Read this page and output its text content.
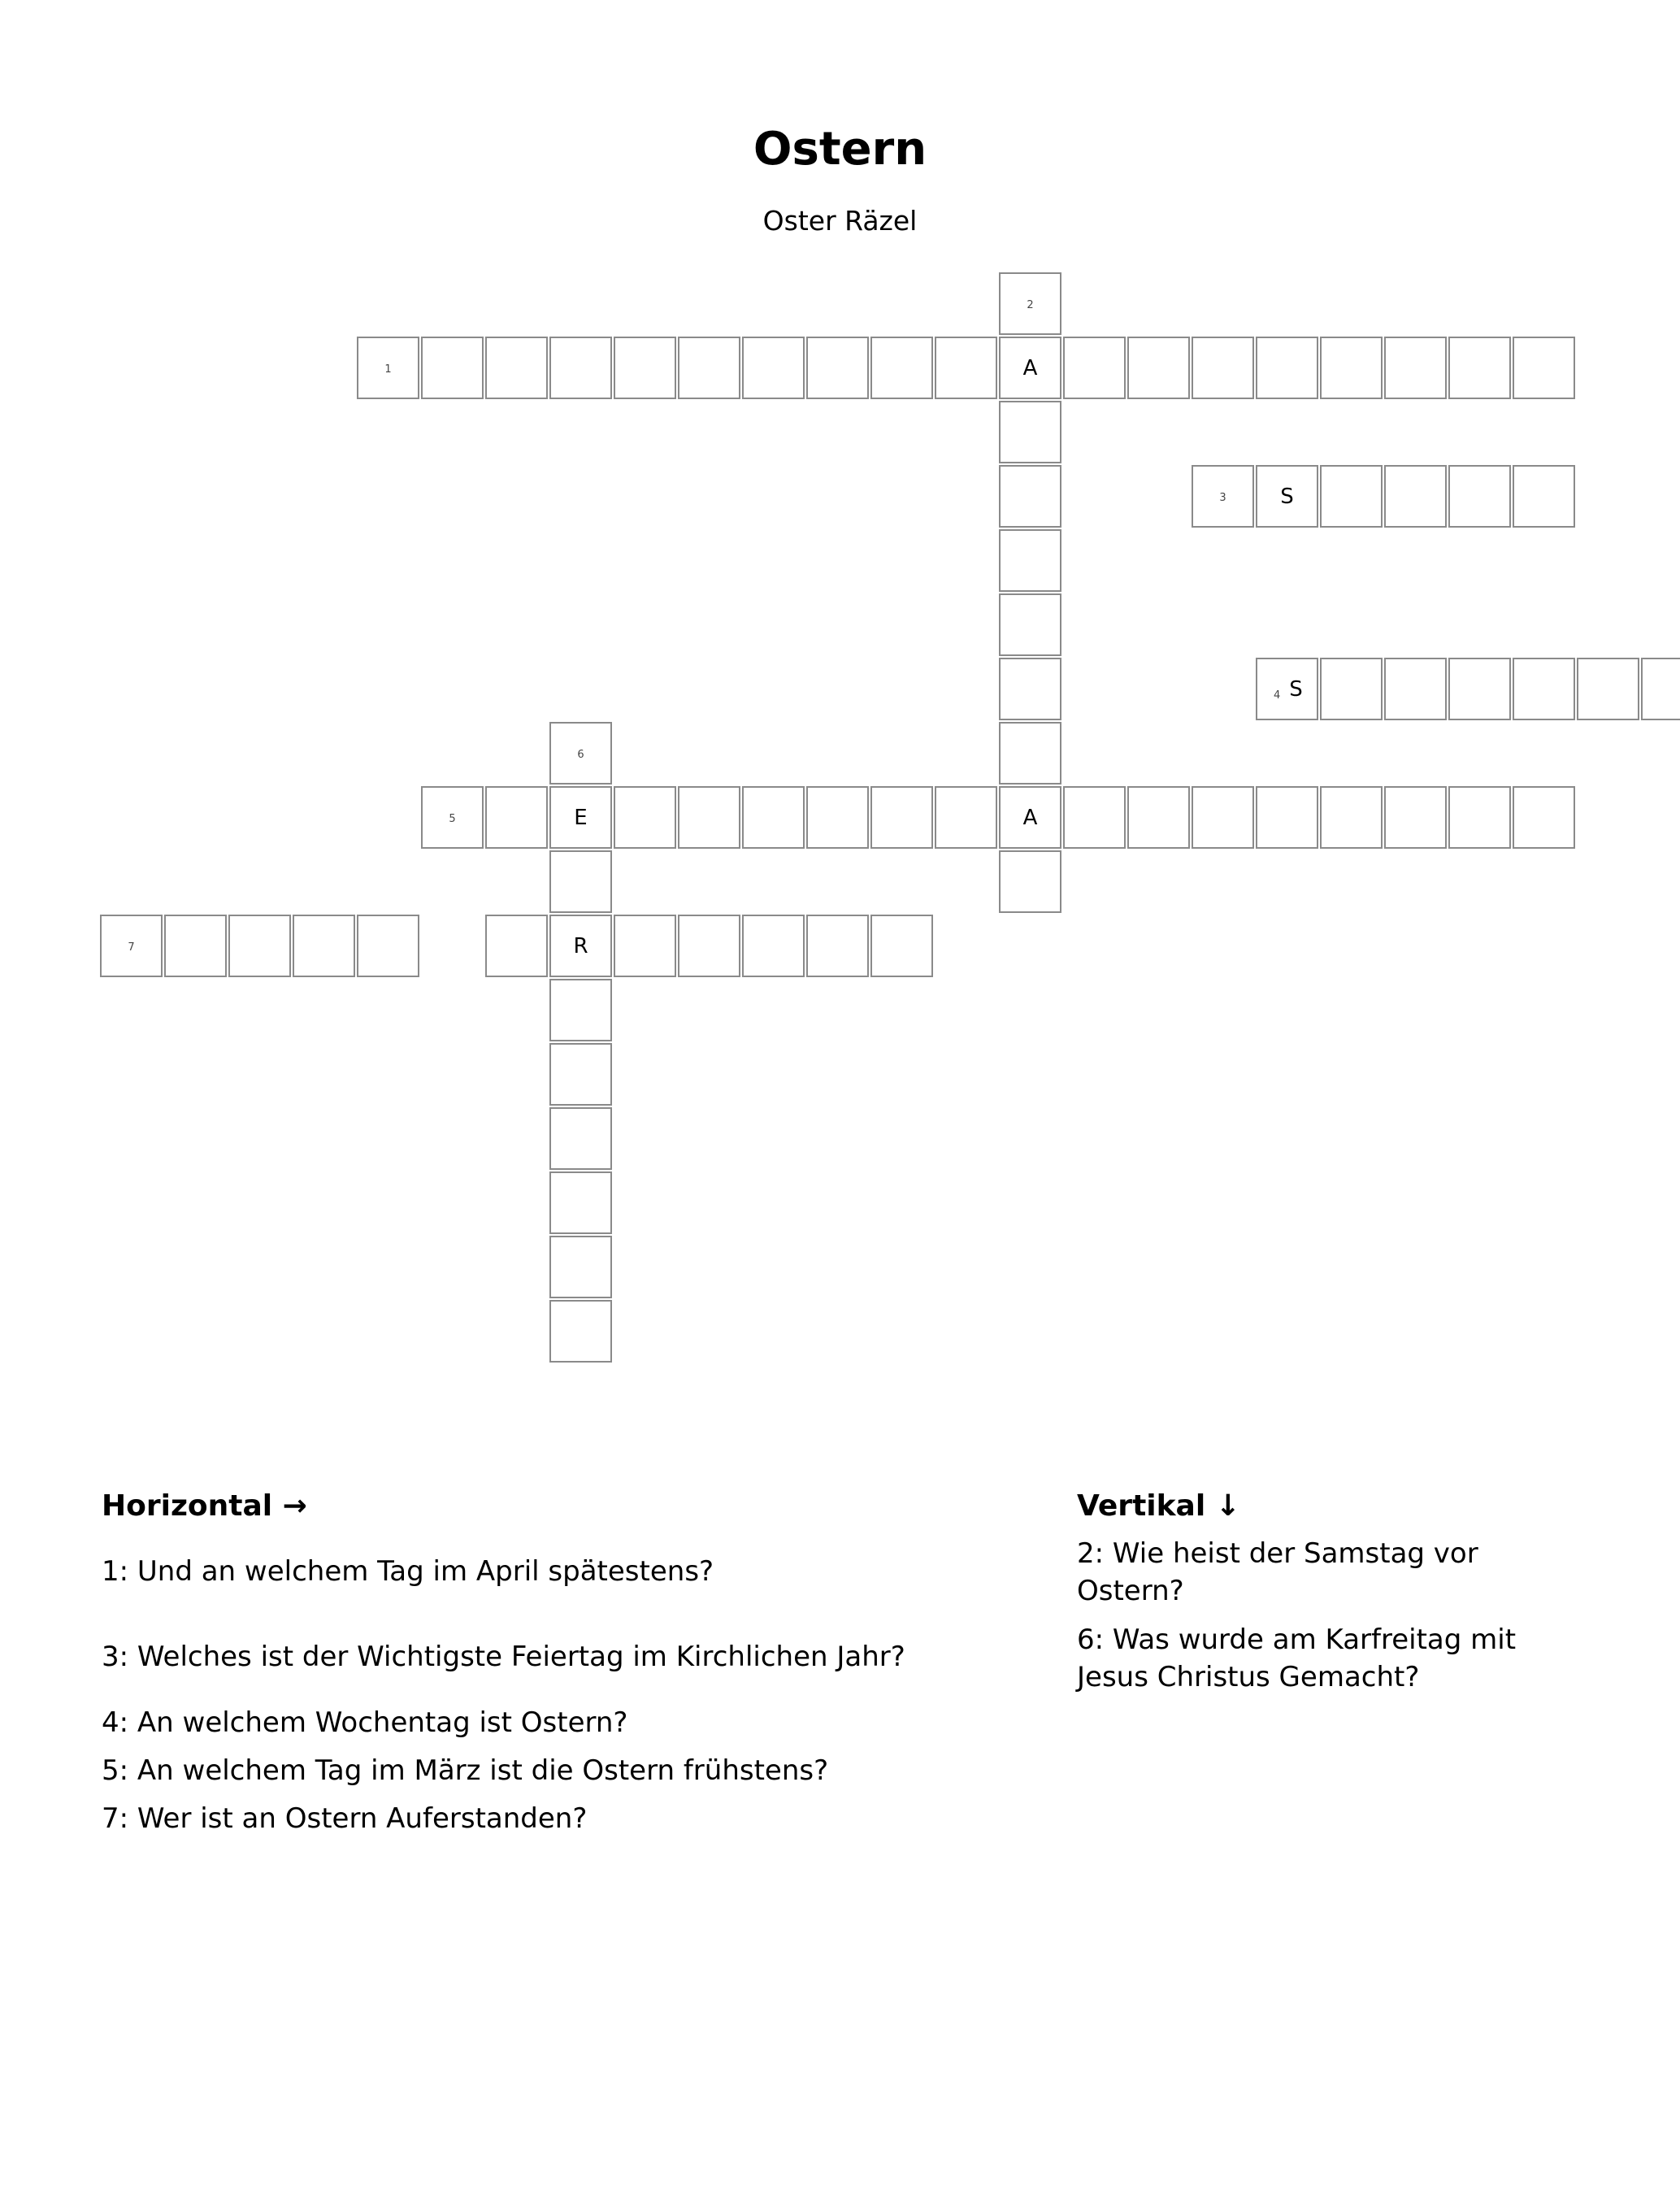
Ostern
Oster Räzel
1	A
3	S
4 S
5	E	A
7	R
2
6
Horizontal →
1: Und an welchem Tag im April spätestens?
3: Welches ist der Wichtigste Feiertag im Kirchlichen Jahr?
4: An welchem Wochentag ist Ostern?
5: An welchem Tag im März ist die Ostern frühstens?
7: Wer ist an Ostern Auferstanden?
Vertikal ↓
2: Wie heist der Samstag vor
Ostern?
6: Was wurde am Karfreitag mit
Jesus Christus Gemacht?
